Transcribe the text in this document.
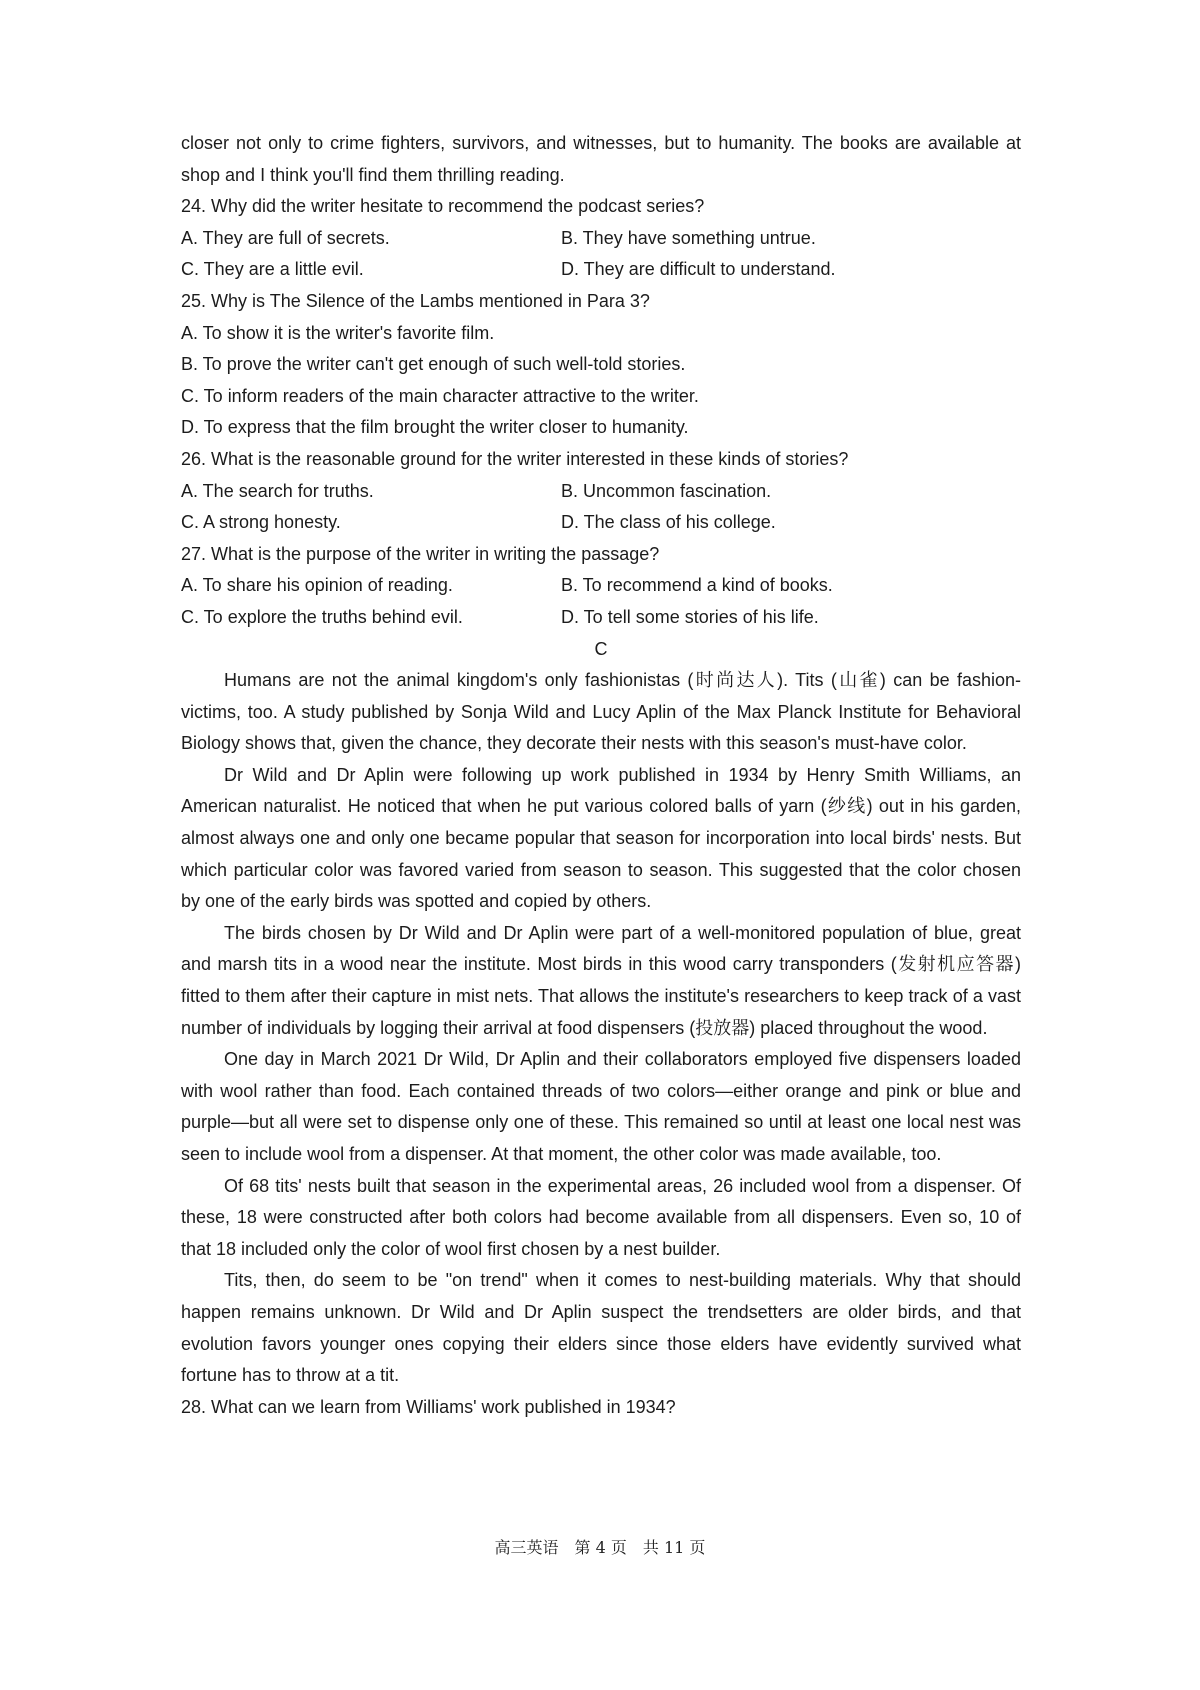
closer not only to crime fighters, survivors, and witnesses, but to humanity. The books are available at shop and I think you'll find them thrilling reading.

24. Why did the writer hesitate to recommend the podcast series?

A. They are full of secrets.	B. They have something untrue.
C. They are a little evil.	D. They are difficult to understand.

25. Why is The Silence of the Lambs mentioned in Para 3?

A. To show it is the writer's favorite film.

B. To prove the writer can't get enough of such well-told stories.

C. To inform readers of the main character attractive to the writer.

D. To express that the film brought the writer closer to humanity.

26. What is the reasonable ground for the writer interested in these kinds of stories?

A. The search for truths.	B. Uncommon fascination.
C. A strong honesty.	D. The class of his college.

27. What is the purpose of the writer in writing the passage?

A. To share his opinion of reading.	B. To recommend a kind of books.
C. To explore the truths behind evil.	D. To tell some stories of his life.

C

Humans are not the animal kingdom's only fashionistas (时尚达人). Tits (山雀) can be fashion-victims, too. A study published by Sonja Wild and Lucy Aplin of the Max Planck Institute for Behavioral Biology shows that, given the chance, they decorate their nests with this season's must-have color.

Dr Wild and Dr Aplin were following up work published in 1934 by Henry Smith Williams, an American naturalist. He noticed that when he put various colored balls of yarn (纱线) out in his garden, almost always one and only one became popular that season for incorporation into local birds' nests. But which particular color was favored varied from season to season. This suggested that the color chosen by one of the early birds was spotted and copied by others.

The birds chosen by Dr Wild and Dr Aplin were part of a well-monitored population of blue, great and marsh tits in a wood near the institute. Most birds in this wood carry transponders (发射机应答器) fitted to them after their capture in mist nets. That allows the institute's researchers to keep track of a vast number of individuals by logging their arrival at food dispensers (投放器) placed throughout the wood.

One day in March 2021 Dr Wild, Dr Aplin and their collaborators employed five dispensers loaded with wool rather than food. Each contained threads of two colors—either orange and pink or blue and purple—but all were set to dispense only one of these. This remained so until at least one local nest was seen to include wool from a dispenser. At that moment, the other color was made available, too.

Of 68 tits' nests built that season in the experimental areas, 26 included wool from a dispenser. Of these, 18 were constructed after both colors had become available from all dispensers. Even so, 10 of that 18 included only the color of wool first chosen by a nest builder.

Tits, then, do seem to be "on trend" when it comes to nest-building materials. Why that should happen remains unknown. Dr Wild and Dr Aplin suspect the trendsetters are older birds, and that evolution favors younger ones copying their elders since those elders have evidently survived what fortune has to throw at a tit.

28. What can we learn from Williams' work published in 1934?

高三英语　第 4 页　共 11 页
